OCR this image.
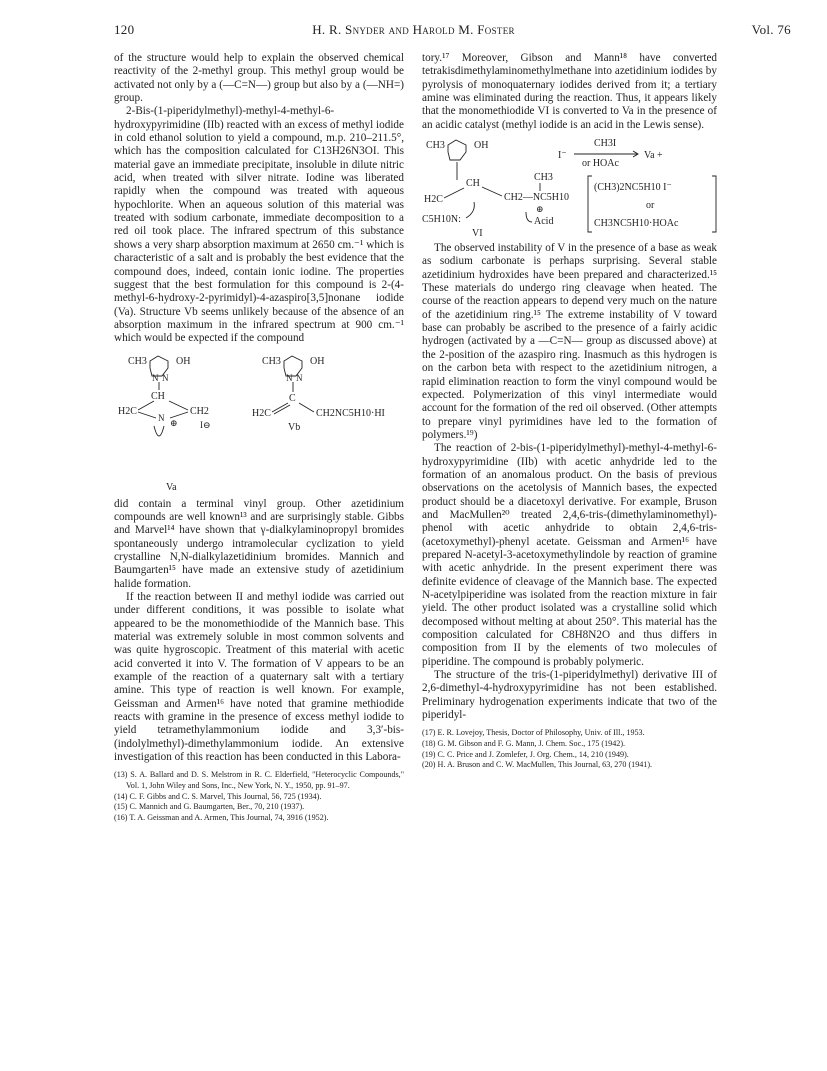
120	H. R. Snyder and Harold M. Foster	Vol. 76

of the structure would help to explain the observed chemical reactivity of the 2-methyl group. This methyl group would be activated not only by a (—C=N—) group but also by a (—NH=) group.

2-Bis-(1-piperidylmethyl)-methyl-4-methyl-6-hydroxypyrimidine (IIb) reacted with an excess of methyl iodide in cold ethanol solution to yield a compound, m.p. 210–211.5°, which has the composition calculated for C13H26N3OI. This material gave an immediate precipitate, insoluble in dilute nitric acid, when treated with silver nitrate. Iodine was liberated rapidly when the compound was treated with aqueous hypochlorite. When an aqueous solution of this material was treated with sodium carbonate, immediate decomposition to a red oil took place. The infrared spectrum of this substance shows a very sharp absorption maximum at 2650 cm.⁻¹ which is characteristic of a salt and is probably the best evidence that the compound does, indeed, contain ionic iodine. The properties suggest that the best formulation for this compound is 2-(4-methyl-6-hydroxy-2-pyrimidyl)-4-azaspiro[3,5]nonane iodide (Va). Structure Vb seems unlikely because of the absence of an absorption maximum in the infrared spectrum at 900 cm.⁻¹ which would be expected if the compound

CH3	OH
N N
CH
H2C	CH2
N ⊕ I⊖
Va
CH3	OH
N N
C
H2C	CH2NC5H10·HI
Vb

did contain a terminal vinyl group. Other azetidinium compounds are well known¹³ and are surprisingly stable. Gibbs and Marvel¹⁴ have shown that γ-dialkylaminopropyl bromides spontaneously undergo intramolecular cyclization to yield crystalline N,N-dialkylazetidinium bromides. Mannich and Baumgarten¹⁵ have made an extensive study of azetidinium halide formation.

If the reaction between II and methyl iodide was carried out under different conditions, it was possible to isolate what appeared to be the monomethiodide of the Mannich base. This material was extremely soluble in most common solvents and was quite hygroscopic. Treatment of this material with acetic acid converted it into V. The formation of V appears to be an example of the reaction of a quaternary salt with a tertiary amine. This type of reaction is well known. For example, Geissman and Armen¹⁶ have noted that gramine methiodide reacts with gramine in the presence of excess methyl iodide to yield tetramethylammonium iodide and 3,3′-bis-(indolylmethyl)-dimethylammonium iodide. An extensive investigation of this reaction has been conducted in this Labora-

(13) S. A. Ballard and D. S. Melstrom in R. C. Elderfield, "Heterocyclic Compounds," Vol. 1, John Wiley and Sons, Inc., New York, N. Y., 1950, pp. 91–97.

(14) C. F. Gibbs and C. S. Marvel, This Journal, 56, 725 (1934).

(15) C. Mannich and G. Baumgarten, Ber., 70, 210 (1937).

(16) T. A. Geissman and A. Armen, This Journal, 74, 3916 (1952).

tory.¹⁷ Moreover, Gibson and Mann¹⁸ have converted tetrakisdimethylaminomethylmethane into azetidinium iodides by pyrolysis of monoquaternary iodides derived from it; a tertiary amine was eliminated during the reaction. Thus, it appears likely that the monomethiodide VI is converted to Va in the presence of an acidic catalyst (methyl iodide is an acid in the Lewis sense).

CH3	OH
CH
H2C	CH2—NC5H10
CH3
⊕
C5H10N:	Acid
VI
I⁻
CH3I
or HOAc
Va +
(CH3)2NC5H10 I⁻
or
CH3NC5H10·HOAc

The observed instability of V in the presence of a base as weak as sodium carbonate is perhaps surprising. Several stable azetidinium hydroxides have been prepared and characterized.¹⁵ These materials do undergo ring cleavage when heated. The course of the reaction appears to depend very much on the nature of the azetidinium ring.¹⁵ The extreme instability of V toward base can probably be ascribed to the presence of a fairly acidic hydrogen (activated by a —C=N— group as discussed above) at the 2-position of the azaspiro ring. Inasmuch as this hydrogen is on the carbon beta with respect to the azetidinium nitrogen, a rapid elimination reaction to form the vinyl compound would be expected. Polymerization of this vinyl intermediate would account for the formation of the red oil observed. (Other attempts to prepare vinyl pyrimidines have led to the formation of polymers.¹⁹)

The reaction of 2-bis-(1-piperidylmethyl)-methyl-4-methyl-6-hydroxypyrimidine (IIb) with acetic anhydride led to the formation of an anomalous product. On the basis of previous observations on the acetolysis of Mannich bases, the expected product should be a diacetoxyl derivative. For example, Bruson and MacMullen²⁰ treated 2,4,6-tris-(dimethylaminomethyl)-phenol with acetic anhydride to obtain 2,4,6-tris-(acetoxymethyl)-phenyl acetate. Geissman and Armen¹⁶ have prepared N-acetyl-3-acetoxymethylindole by reaction of gramine with acetic anhydride. In the present experiment there was definite evidence of cleavage of the Mannich base. The expected N-acetylpiperidine was isolated from the reaction mixture in fair yield. The other product isolated was a crystalline solid which decomposed without melting at about 250°. This material has the composition calculated for C8H8N2O and thus differs in composition from II by the elements of two molecules of piperidine. The compound is probably polymeric.

The structure of the tris-(1-piperidylmethyl) derivative III of 2,6-dimethyl-4-hydroxypyrimidine has not been established. Preliminary hydrogenation experiments indicate that two of the piperidyl-

(17) E. R. Lovejoy, Thesis, Doctor of Philosophy, Univ. of Ill., 1953.

(18) G. M. Gibson and F. G. Mann, J. Chem. Soc., 175 (1942).

(19) C. C. Price and J. Zomlefer, J. Org. Chem., 14, 210 (1949).

(20) H. A. Bruson and C. W. MacMullen, This Journal, 63, 270 (1941).
